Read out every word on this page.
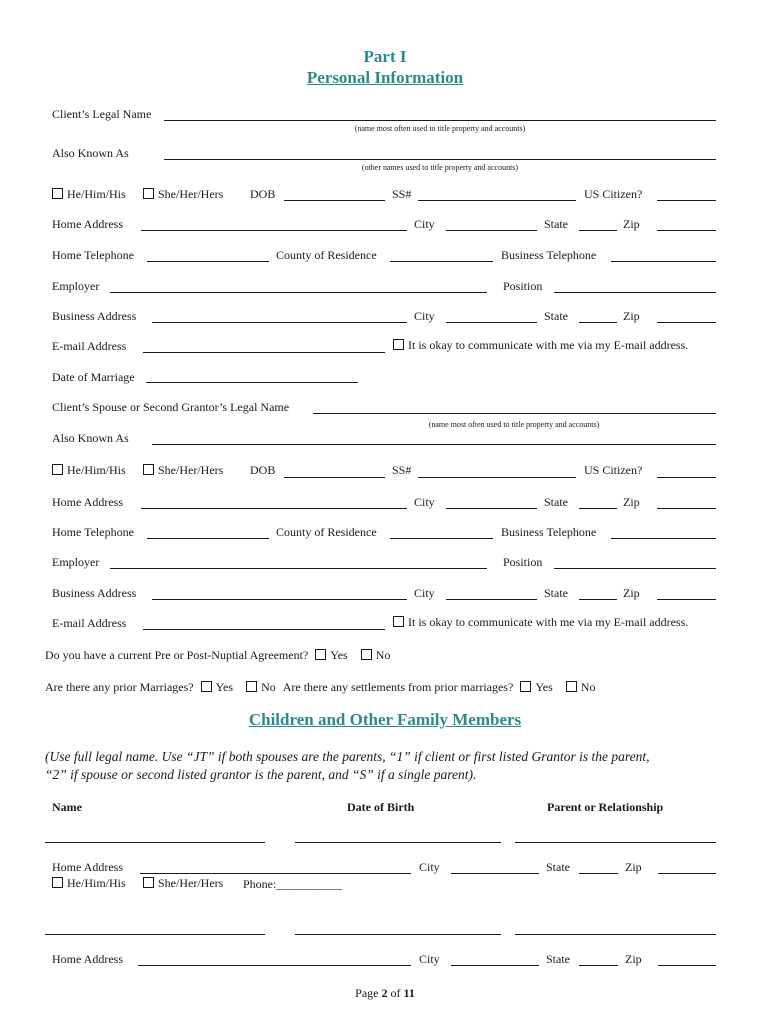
Part I
Personal Information
Client’s Legal Name
(name most often used to title property and accounts)
Also Known As
(other names used to title property and accounts)
He/Him/His	She/Her/Hers DOB	SS#	US Citizen?
Home Address	City	State	Zip
Home Telephone	County of Residence	Business Telephone
Employer	Position
Business Address	City	State	Zip
E-mail Address	It is okay to communicate with me via my E-mail address.
Date of Marriage
Client’s Spouse or Second Grantor’s Legal Name
(name most often used to title property and accounts)
Also Known As
He/Him/His	She/Her/Hers DOB	SS#	US Citizen?
Home Address	City	State	Zip
Home Telephone	County of Residence	Business Telephone
Employer	Position
Business Address	City	State	Zip
E-mail Address	It is okay to communicate with me via my E-mail address.
Do you have a current Pre or Post-Nuptial Agreement? Yes No
Are there any prior Marriages? Yes No Are there any settlements from prior marriages? Yes No
Children and Other Family Members
(Use full legal name. Use “JT” if both spouses are the parents, “1” if client or first listed Grantor is the parent,
“2” if spouse or second listed grantor is the parent, and “S” if a single parent).
Name	Date of Birth	Parent or Relationship
Home Address	City	State	Zip
He/Him/His	She/Her/Hers Phone:___________
Home Address	City	State	Zip
Page 2 of 11
